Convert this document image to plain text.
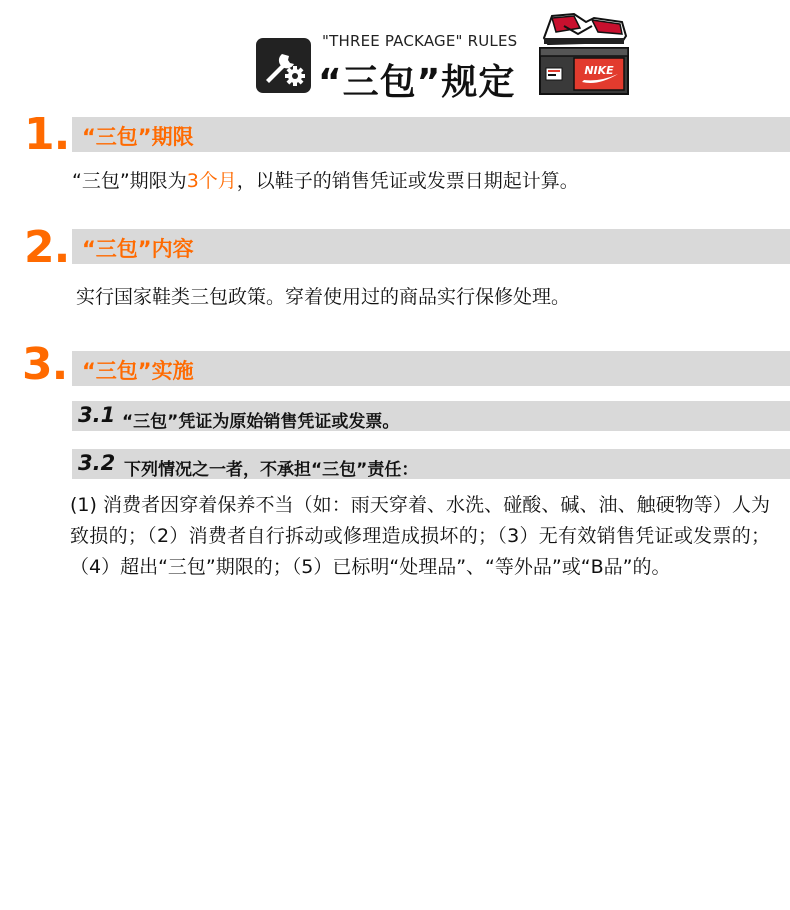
"THREE PACKAGE" RULES
“三包”规定	NIKE
1. “三包”期限
“三包”期限为3个月，以鞋子的销售凭证或发票日期起计算。
2. “三包”内容
实行国家鞋类三包政策。穿着使用过的商品实行保修处理。
3. “三包”实施
3.1 “三包”凭证为原始销售凭证或发票。
3.2 下列情况之一者，不承担“三包”责任：
(1) 消费者因穿着保养不当（如：雨天穿着、水洗、碰酸、碱、油、触硬物等）人为致损的；（2）消费者自行拆动或修理造成损坏的；（3）无有效销售凭证或发票的；（4）超出“三包”期限的；（5）已标明“处理品”、“等外品”或“B品”的。
